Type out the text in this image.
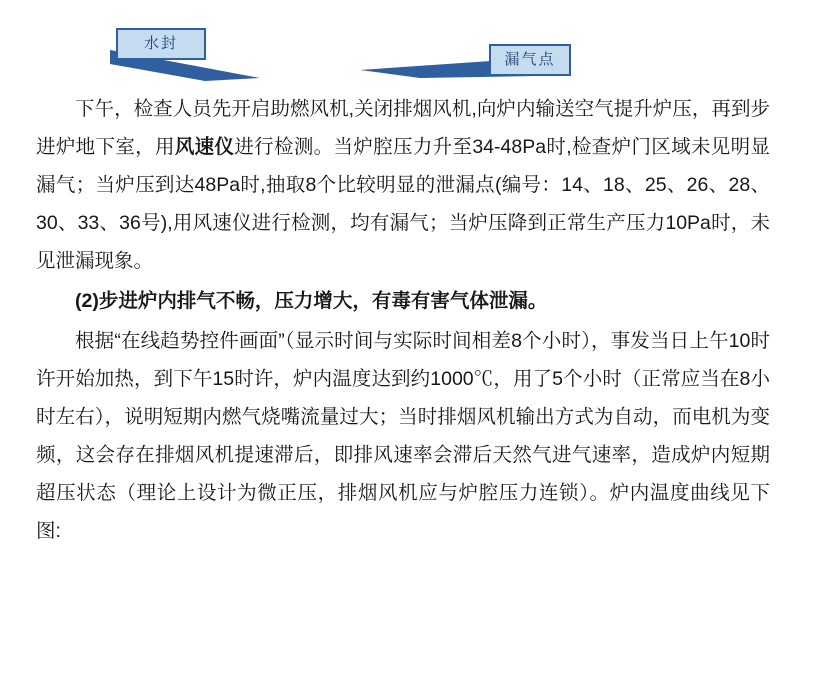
水封
漏气点

下午，检查人员先开启助燃风机,关闭排烟风机,向炉内输送空气提升炉压，再到步进炉地下室，用风速仪进行检测。当炉腔压力升至34-48Pa时,检查炉门区域未见明显漏气；当炉压到达48Pa时,抽取8个比较明显的泄漏点(编号：14、18、25、26、28、30、33、36号),用风速仪进行检测，均有漏气；当炉压降到正常生产压力10Pa时，未见泄漏现象。

(2)步进炉内排气不畅，压力增大，有毒有害气体泄漏。

根据“在线趋势控件画面”（显示时间与实际时间相差8个小时），事发当日上午10时许开始加热，到下午15时许，炉内温度达到约1000℃，用了5个小时（正常应当在8小时左右），说明短期内燃气烧嘴流量过大；当时排烟风机输出方式为自动，而电机为变频，这会存在排烟风机提速滞后，即排风速率会滞后天然气进气速率，造成炉内短期超压状态（理论上设计为微正压，排烟风机应与炉腔压力连锁）。炉内温度曲线见下图:
